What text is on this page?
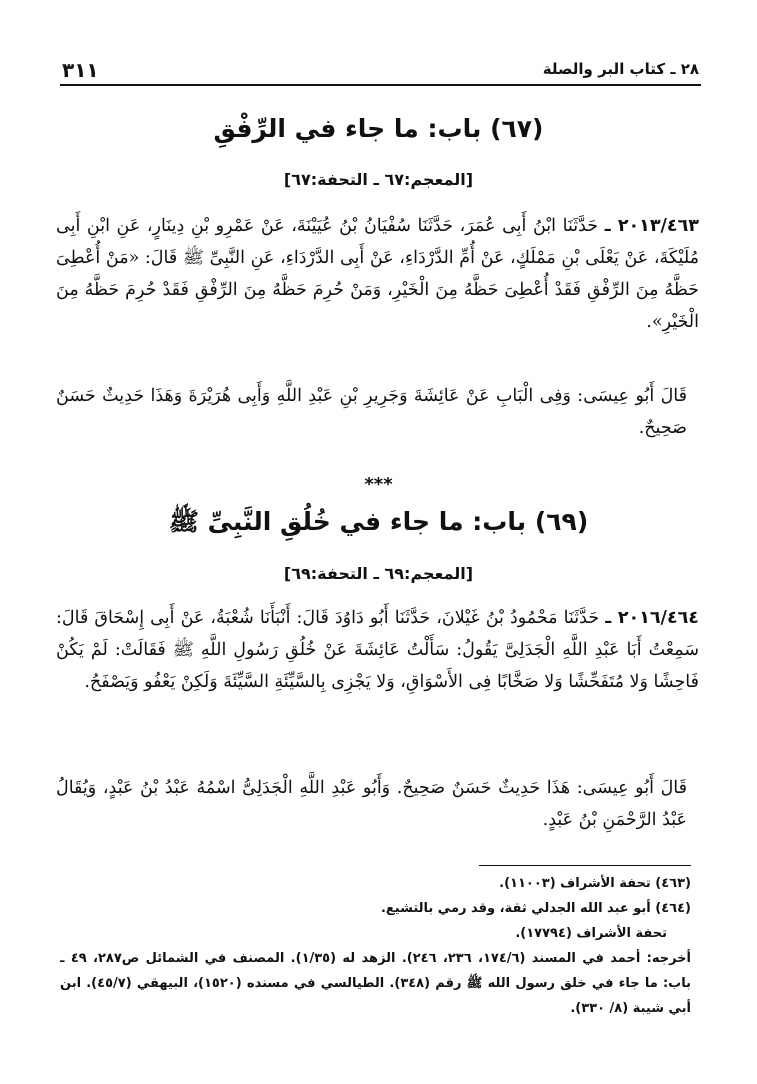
٢٨ ـ كتاب البر والصلة
٣١١
(٦٧) باب: ما جاء في الرِّفْقِ
[المعجم:٦٧ ـ التحفة:٦٧]
٢٠١٣/٤٦٣ ـ حَدَّثَنَا ابْنُ أَبِى عُمَرَ، حَدَّثَنَا سُفْيَانُ بْنُ عُيَيْنَةَ، عَنْ عَمْرِو بْنِ دِينَارٍ، عَنِ ابْنِ أَبِى مُلَيْكَةَ، عَنْ يَعْلَى بْنِ مَمْلَكٍ، عَنْ أُمِّ الدَّرْدَاءِ، عَنْ أَبِى الدَّرْدَاءِ، عَنِ النَّبِىِّ ﷺ قَالَ: «مَنْ أُعْطِىَ حَظَّهُ مِنَ الرِّفْقِ فَقَدْ أُعْطِىَ حَظَّهُ مِنَ الْخَيْرِ، وَمَنْ حُرِمَ حَظَّهُ مِنَ الرِّفْقِ فَقَدْ حُرِمَ حَظَّهُ مِنَ الْخَيْرِ».
قَالَ أَبُو عِيسَى: وَفِى الْبَابِ عَنْ عَائِشَةَ وَجَرِيرِ بْنِ عَبْدِ اللَّهِ وَأَبِى هُرَيْرَةَ وَهَذَا حَدِيثٌ حَسَنٌ صَحِيحٌ.
***
(٦٩) باب: ما جاء في خُلُقِ النَّبِىِّ ﷺ
[المعجم:٦٩ ـ التحفة:٦٩]
٢٠١٦/٤٦٤ ـ حَدَّثَنَا مَحْمُودُ بْنُ غَيْلانَ، حَدَّثَنَا أَبُو دَاوُدَ قَالَ: أَنْبَأَنَا شُعْبَةُ، عَنْ أَبِى إِسْحَاقَ قَالَ: سَمِعْتُ أَبَا عَبْدِ اللَّهِ الْجَدَلِىَّ يَقُولُ: سَأَلْتُ عَائِشَةَ عَنْ خُلُقِ رَسُولِ اللَّهِ ﷺ فَقَالَتْ: لَمْ يَكُنْ فَاحِشًا وَلا مُتَفَحِّشًا وَلا صَخَّابًا فِى الأَسْوَاقِ، وَلا يَجْزِى بِالسَّيِّئَةِ السَّيِّئَةَ وَلَكِنْ يَعْفُو وَيَصْفَحُ.
قَالَ أَبُو عِيسَى: هَذَا حَدِيثٌ حَسَنٌ صَحِيحٌ. وَأَبُو عَبْدِ اللَّهِ الْجَدَلِىُّ اسْمُهُ عَبْدُ بْنُ عَبْدٍ، وَيُقَالُ عَبْدُ الرَّحْمَنِ بْنُ عَبْدٍ.

(٤٦٣) تحفة الأشراف (١١٠٠٣).

(٤٦٤) أبو عبد الله الجدلي ثقة، وقد رمي بالتشيع.

تحفة الأشراف (١٧٧٩٤).

أخرجه: أحمد في المسند (١٧٤/٦، ٢٣٦، ٢٤٦). الزهد له (١/٣٥). المصنف في الشمائل ص٢٨٧، ٤٩ ـ باب: ما جاء في خلق رسول الله ﷺ رقم (٣٤٨). الطيالسي في مسنده (١٥٢٠)، البيهقي (٤٥/٧). ابن أبي شيبة (٨/ ٣٣٠).
